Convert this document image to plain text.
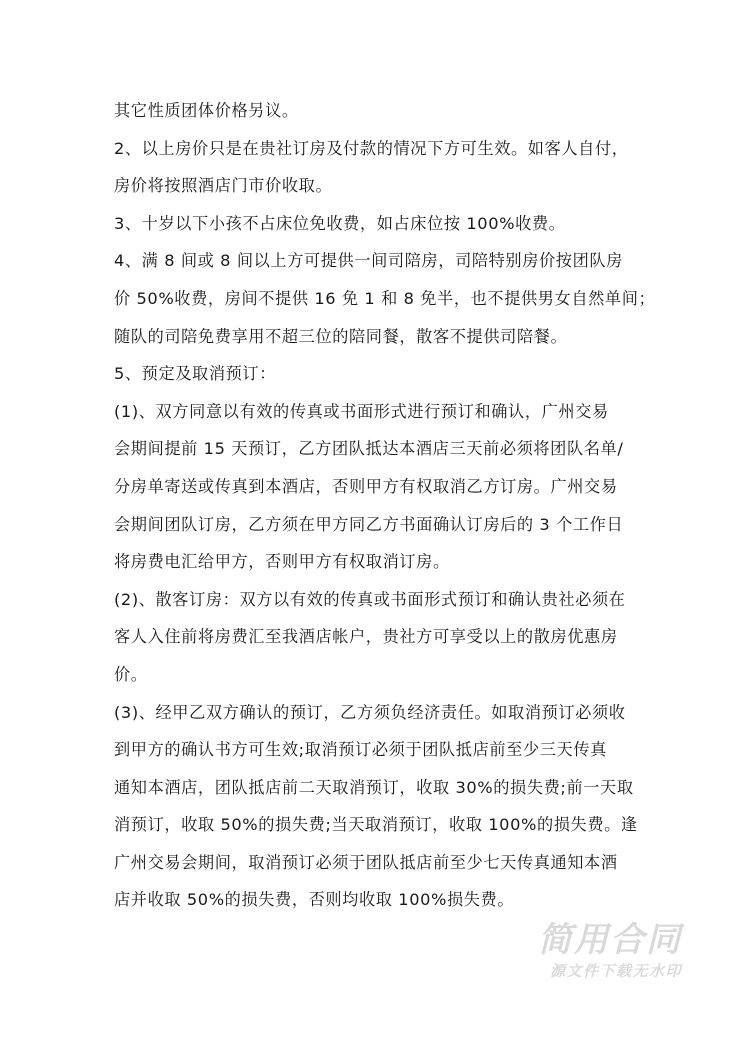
其它性质团体价格另议。

2、以上房价只是在贵社订房及付款的情况下方可生效。如客人自付，
房价将按照酒店门市价收取。

3、十岁以下小孩不占床位免收费，如占床位按 100%收费。

4、满 8 间或 8 间以上方可提供一间司陪房，司陪特别房价按团队房
价 50%收费，房间不提供 16 免 1 和 8 免半，也不提供男女自然单间；
随队的司陪免费享用不超三位的陪同餐，散客不提供司陪餐。

5、预定及取消预订：

(1)、双方同意以有效的传真或书面形式进行预订和确认，广州交易
会期间提前 15 天预订，乙方团队抵达本酒店三天前必须将团队名单/
分房单寄送或传真到本酒店，否则甲方有权取消乙方订房。广州交易
会期间团队订房，乙方须在甲方同乙方书面确认订房后的 3 个工作日
将房费电汇给甲方，否则甲方有权取消订房。

(2)、散客订房：双方以有效的传真或书面形式预订和确认贵社必须在
客人入住前将房费汇至我酒店帐户，贵社方可享受以上的散房优惠房
价。

(3)、经甲乙双方确认的预订，乙方须负经济责任。如取消预订必须收
到甲方的确认书方可生效;取消预订必须于团队抵店前至少三天传真
通知本酒店，团队抵店前二天取消预订，收取 30%的损失费;前一天取
消预订，收取 50%的损失费;当天取消预订，收取 100%的损失费。逢
广州交易会期间，取消预订必须于团队抵店前至少七天传真通知本酒
店并收取 50%的损失费，否则均收取 100%损失费。

简用合同
源文件下载无水印
